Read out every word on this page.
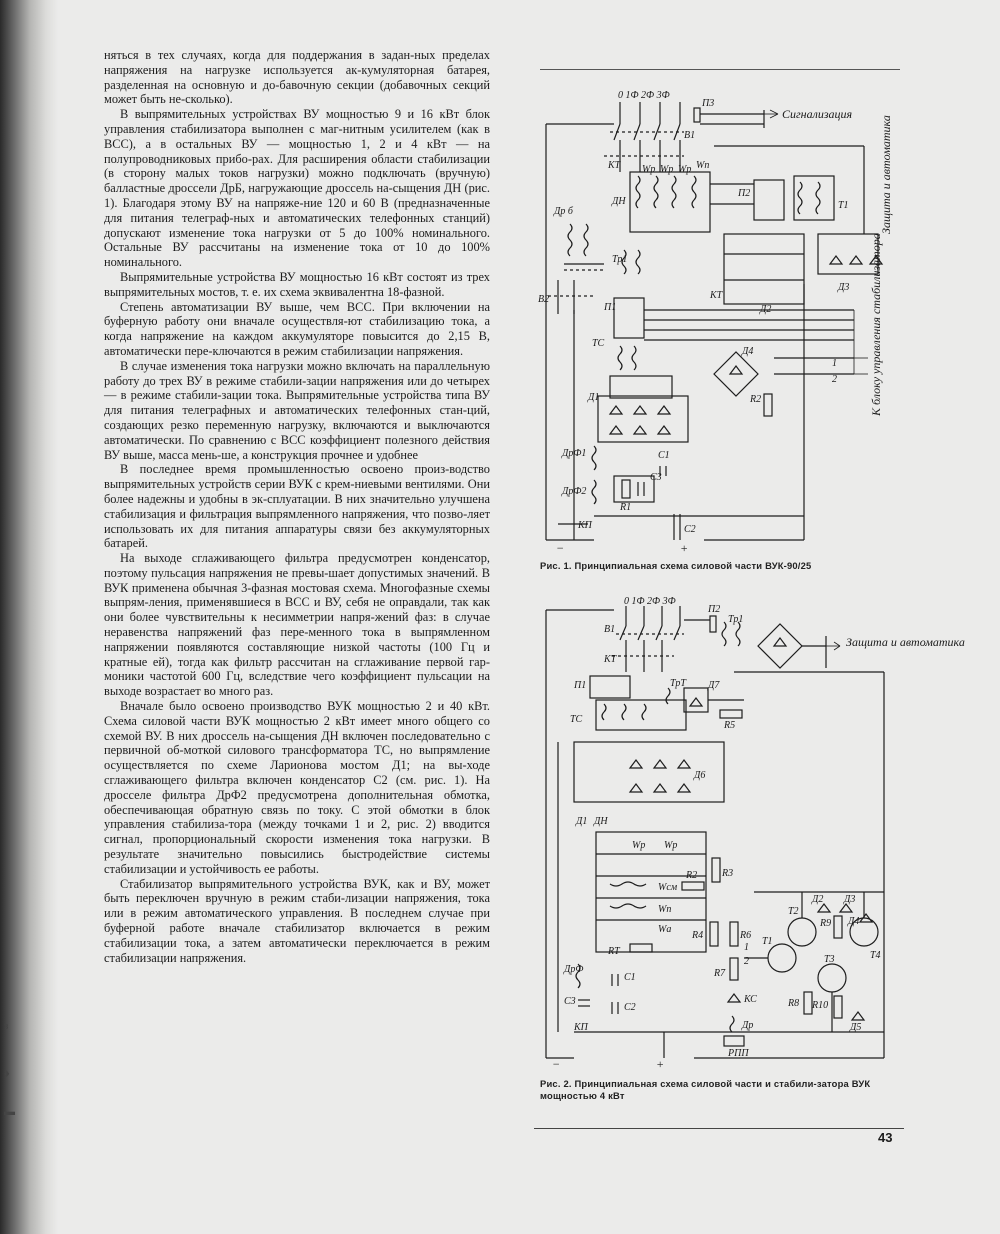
з
♦
▬

няться в тех случаях, когда для поддержания в задан-ных пределах напряжения на нагрузке используется ак-кумуляторная батарея, разделенная на основную и до-бавочную секции (добавочных секций может быть не-сколько).

В выпрямительных устройствах ВУ мощностью 9 и 16 кВт блок управления стабилизатора выполнен с маг-нитным усилителем (как в ВСС), а в остальных ВУ — мощностью 1, 2 и 4 кВт — на полупроводниковых прибо-рах. Для расширения области стабилизации (в сторону малых токов нагрузки) можно подключать (вручную) балластные дроссели ДрБ, нагружающие дроссель на-сыщения ДН (рис. 1). Благодаря этому ВУ на напряже-ние 120 и 60 В (предназначенные для питания телеграф-ных и автоматических телефонных станций) допускают изменение тока нагрузки от 5 до 100% номинального. Остальные ВУ рассчитаны на изменение тока от 10 до 100% номинального.

Выпрямительные устройства ВУ мощностью 16 кВт состоят из трех выпрямительных мостов, т. е. их схема эквивалентна 18-фазной.

Степень автоматизации ВУ выше, чем ВСС. При включении на буферную работу они вначале осуществля-ют стабилизацию тока, а когда напряжение на каждом аккумуляторе повысится до 2,15 В, автоматически пере-ключаются в режим стабилизации напряжения.

В случае изменения тока нагрузки можно включать на параллельную работу до трех ВУ в режиме стабили-зации напряжения или до четырех — в режиме стабили-зации тока. Выпрямительные устройства типа ВУ для питания телеграфных и автоматических телефонных стан-ций, создающих резко переменную нагрузку, включаются и выключаются автоматически. По сравнению с ВСС коэффициент полезного действия ВУ выше, масса мень-ше, а конструкция прочнее и удобнее

В последнее время промышленностью освоено произ-водство выпрямительных устройств серии ВУК с крем-ниевыми вентилями. Они более надежны и удобны в эк-сплуатации. В них значительно улучшена стабилизация и фильтрация выпрямленного напряжения, что позво-ляет использовать их для питания аппаратуры связи без аккумуляторных батарей.

На выходе сглаживающего фильтра предусмотрен конденсатор, поэтому пульсация напряжения не превы-шает допустимых значений. В ВУК применена обычная 3-фазная мостовая схема. Многофазные схемы выпрям-ления, применявшиеся в ВСС и ВУ, себя не оправдали, так как они более чувствительны к несимметрии напря-жений фаз: в случае неравенства напряжений фаз пере-менного тока в выпрямленном напряжении появляются составляющие низкой частоты (100 Гц и кратные ей), тогда как фильтр рассчитан на сглаживание первой гар-моники частотой 600 Гц, вследствие чего коэффициент пульсации на выходе возрастает во много раз.

Вначале было освоено производство ВУК мощностью 2 и 40 кВт. Схема силовой части ВУК мощностью 2 кВт имеет много общего со схемой ВУ. В них дроссель на-сыщения ДН включен последовательно с первичной об-моткой силового трансформатора ТС, но выпрямление осуществляется по схеме Ларионова мостом Д1; на вы-ходе сглаживающего фильтра включен конденсатор С2 (см. рис. 1). На дросселе фильтра ДрФ2 предусмотрена дополнительная обмотка, обеспечивающая обратную связь по току. С этой обмотки в блок управления стабилиза-тора (между точками 1 и 2, рис. 2) вводится сигнал, пропорциональный скорости изменения тока нагрузки. В результате значительно повысились быстродействие системы стабилизации и устойчивость ее работы.

Стабилизатор выпрямительного устройства ВУК, как и ВУ, может быть переключен вручную в режим стаби-лизации напряжения, тока или в режим автоматического управления. В последнем случае при буферной работе вначале стабилизатор включается в режим стабилизации тока, а затем автоматически переключается в режим стабилизации напряжения.

0 1Ф 2Ф 3Ф
П3
Сигнализация
Защита и автоматика
В1
КТ Wр Wр Wр Wп
Др б
ДН
П2
Т1
Тр1
В2
П1
КТ
Д2
Д3 К блоку управления стабилизатора
ТС
Д4
R2
1
2
Д1
ДрФ1	С1
ДрФ2
С3
R1
КП	С2
−	+
Рис. 1. Принципиальная схема силовой части ВУК-90/25
0 1Ф 2Ф 3Ф
П2
Тр1
В1
КТ
Защита и автоматика
П1	ТрТ Д7
R5
ТС
Д6
Д1 ДН
Wр Wр
R3
Wсм
R2
Wп
Wа
R4	R6
RТ
Д2 Д3
R9 Д4
Т1
Т2
Т3	Т4
1
2
ДрФ
С1	R7
С3
С2
КС	R8 R10
Д5
КП	Др
РПП
−	+
Рис. 2. Принципиальная схема силовой части и стабили-затора ВУК мощностью 4 кВт
43
